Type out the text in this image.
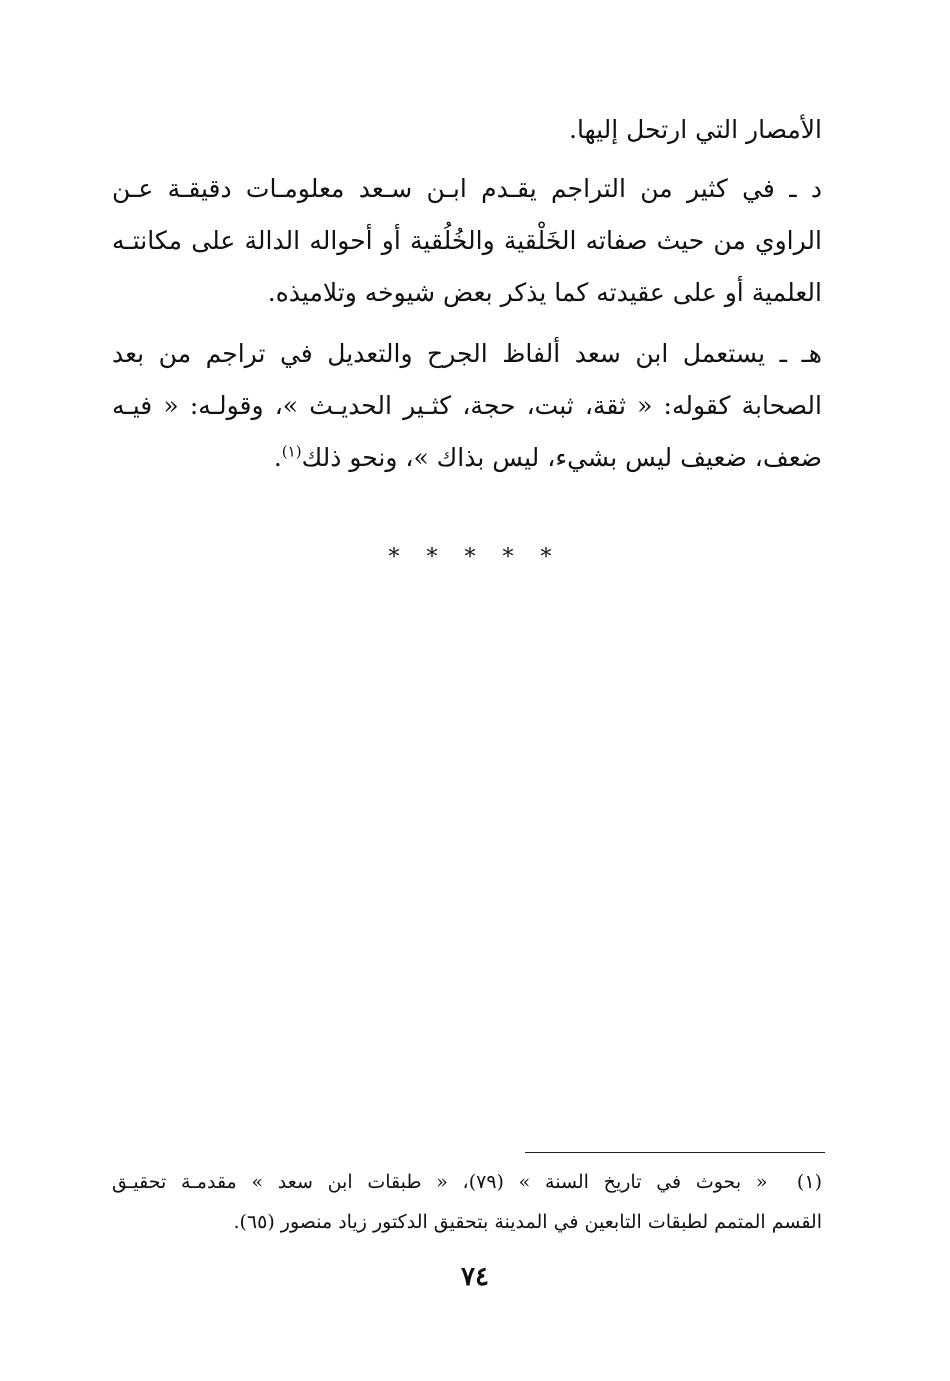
الأمصار التي ارتحل إليها.
د ـ في كثير من التراجم يقـدم ابـن سـعد معلومـات دقيقـة عـن
الراوي من حيث صفاته الخَلْقية والخُلُقية أو أحواله الدالة على مكانتـه
العلمية أو على عقيدته كما يذكر بعض شيوخه وتلاميذه.
هـ ـ يستعمل ابن سعد ألفاظ الجرح والتعديل في تراجم من بعد
الصحابة كقوله: « ثقة، ثبت، حجة، كثـير الحديـث »، وقولـه: « فيـه
ضعف، ضعيف ليس بشيء، ليس بذاك »، ونحو ذلك$^{(١)}$.
* * * * *
(١)  « بحوث في تاريخ السنة » (٧٩)، « طبقات ابن سعد » مقدمـة تحقيـق
القسم المتمم لطبقات التابعين في المدينة بتحقيق الدكتور زياد منصور (٦٥).
٧٤
